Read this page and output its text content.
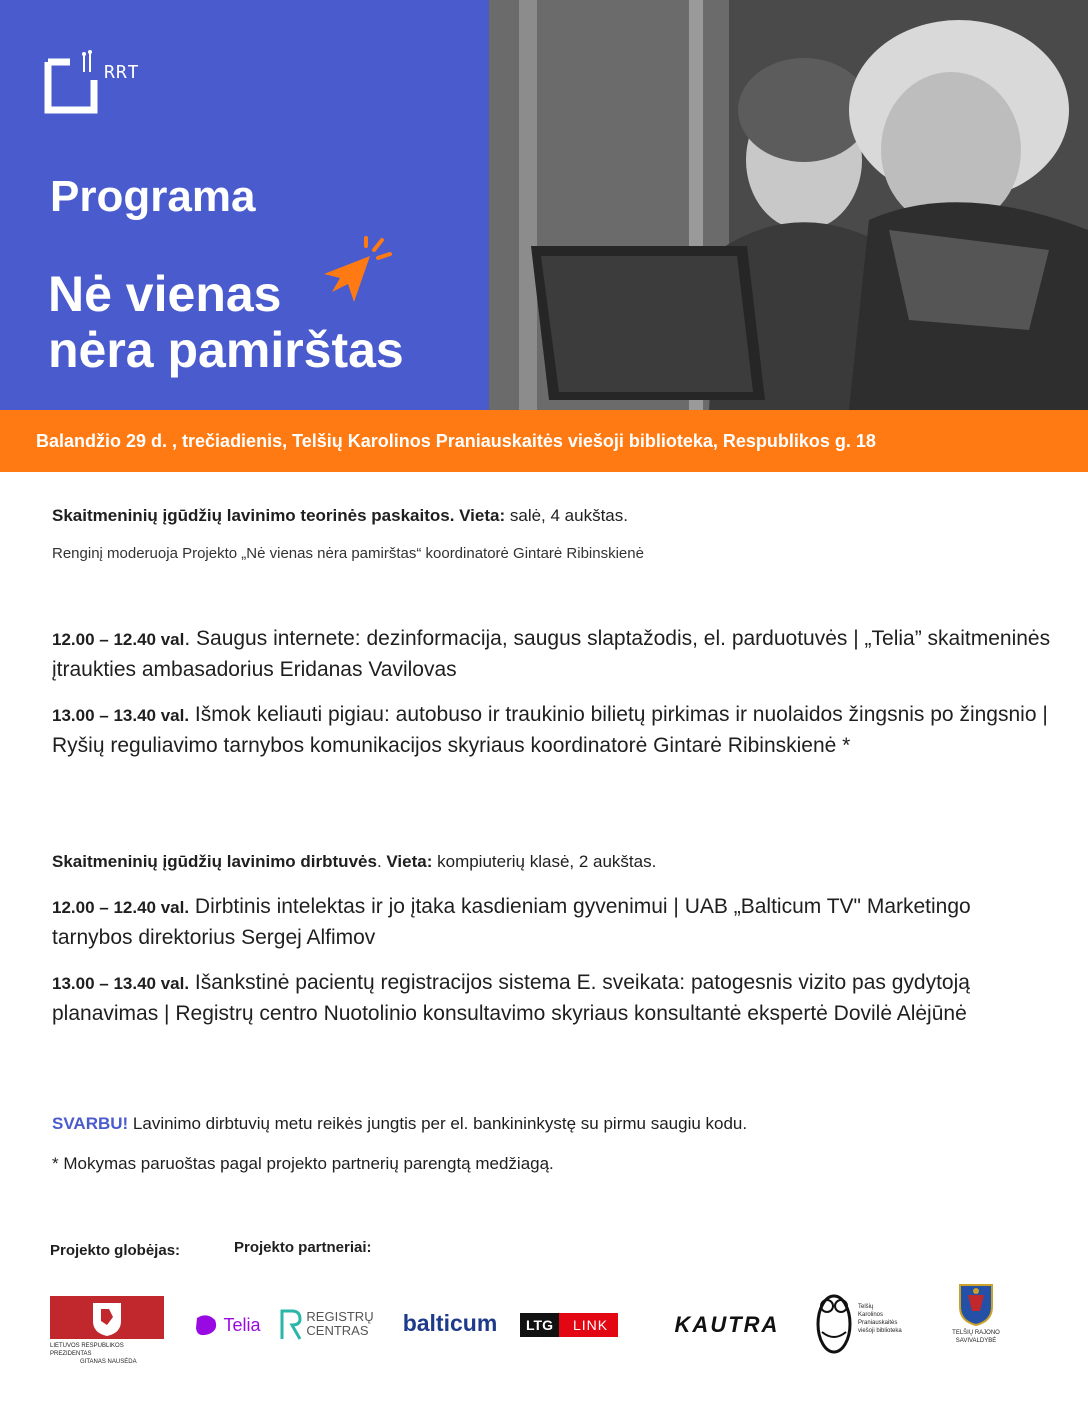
RRT
Programa
Nė vienas
nėra pamirštas
Balandžio 29 d. , trečiadienis, Telšių Karolinos Praniauskaitės viešoji biblioteka, Respublikos g. 18
Skaitmeninių įgūdžių lavinimo teorinės paskaitos. Vieta: salė, 4 aukštas.
Renginį moderuoja Projekto „Nė vienas nėra pamirštas“ koordinatorė Gintarė Ribinskienė
12.00 – 12.40 val. Saugus internete: dezinformacija, saugus slaptažodis, el. parduotuvės | „Telia” skaitmeninės įtraukties ambasadorius Eridanas Vavilovas
13.00 – 13.40 val. Išmok keliauti pigiau: autobuso ir traukinio bilietų pirkimas ir nuolaidos žingsnis po žingsnio | Ryšių reguliavimo tarnybos komunikacijos skyriaus koordinatorė Gintarė Ribinskienė *
Skaitmeninių įgūdžių lavinimo dirbtuvės. Vieta: kompiuterių klasė, 2 aukštas.
12.00 – 12.40 val. Dirbtinis intelektas ir jo įtaka kasdieniam gyvenimui | UAB „Balticum TV" Marketingo tarnybos direktorius Sergej Alfimov
13.00 – 13.40 val. Išankstinė pacientų registracijos sistema E. sveikata: patogesnis vizito pas gydytoją planavimas | Registrų centro Nuotolinio konsultavimo skyriaus konsultantė ekspertė Dovilė Alėjūnė
SVARBU! Lavinimo dirbtuvių metu reikės jungtis per el. bankininkystę su pirmu saugiu kodu.
* Mokymas paruoštas pagal projekto partnerių parengtą medžiagą.
Projekto globėjas:	Projekto partneriai:
LIETUVOS RESPUBLIKOS PREZIDENTAS
GITANAS NAUSĖDA
Telia	REGISTRŲ
CENTRAS balticum	LTG	LINK	KAUTRA
Telšių
Karolinos
Praniauskaitės
viešoji biblioteka	TELŠIŲ RAJONO
SAVIVALDYBĖ
